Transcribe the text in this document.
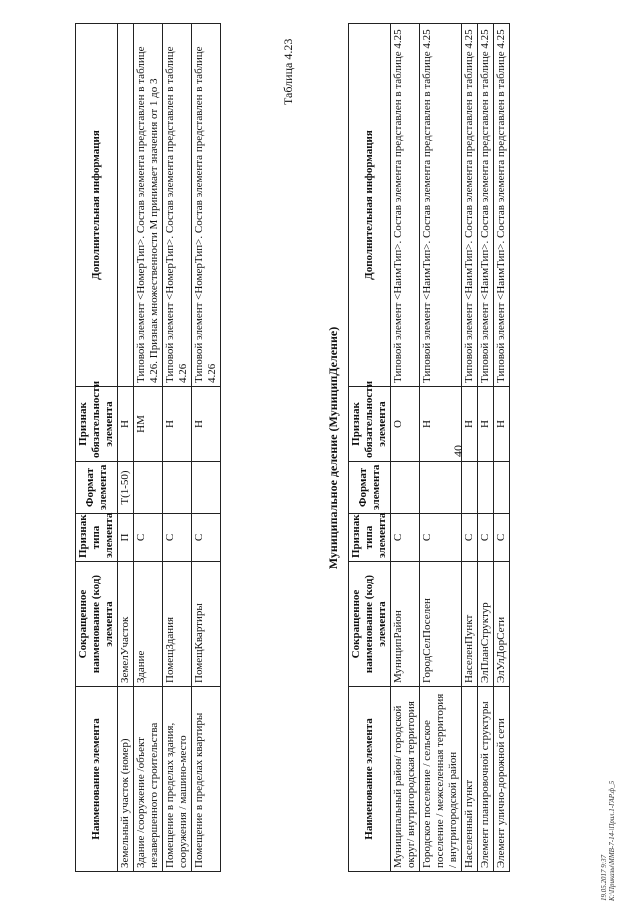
Наименование элемента	Сокращенное наименование (код) элемента	Признак типа элемента	Формат элемента	Признак обязательности элемента	Дополнительная информация
Земельный участок (номер)	ЗемелУчасток	П	T(1-50)	Н	
Здание /сооружение /объект незавершенного строительства	Здание	С		НМ	Типовой элемент <НомерТип>. Состав элемента представлен в таблице 4.26. Признак множественности М принимает значения от 1 до 3
Помещение в пределах здания, сооружения / машино-место	ПомещЗдания	С		Н	Типовой элемент <НомерТип>. Состав элемента представлен в таблице 4.26
Помещение в пределах квартиры	ПомещКвартиры	С		Н	Типовой элемент <НомерТип>. Состав элемента представлен в таблице 4.26
Таблица 4.23
Муниципальное деление (МуниципДеление)
Наименование элемента	Сокращенное наименование (код) элемента	Признак типа элемента	Формат элемента	Признак обязательности элемента	Дополнительная информация
Муниципальный район/ городской округ/ внутригородская территория	МуниципРайон	С		О	Типовой элемент <НаимТип>. Состав элемента представлен в таблице 4.25
Городское поселение / сельское поселение / межселенная территория / внутригородской район	ГородСелПоселен	С		Н	Типовой элемент <НаимТип>. Состав элемента представлен в таблице 4.25
Населенный пункт	НаселенПункт	С		Н	Типовой элемент <НаимТип>. Состав элемента представлен в таблице 4.25
Элемент планировочной структуры	ЭлПланСтруктур	С		Н	Типовой элемент <НаимТип>. Состав элемента представлен в таблице 4.25
Элемент улично-дорожной сети	ЭлУлДорСети	С		Н	Типовой элемент <НаимТип>. Состав элемента представлен в таблице 4.25
40
19.05.2017 9:37 К:\Приказы\ММВ-7-14-\Прил.1-ГАР.ф_5
